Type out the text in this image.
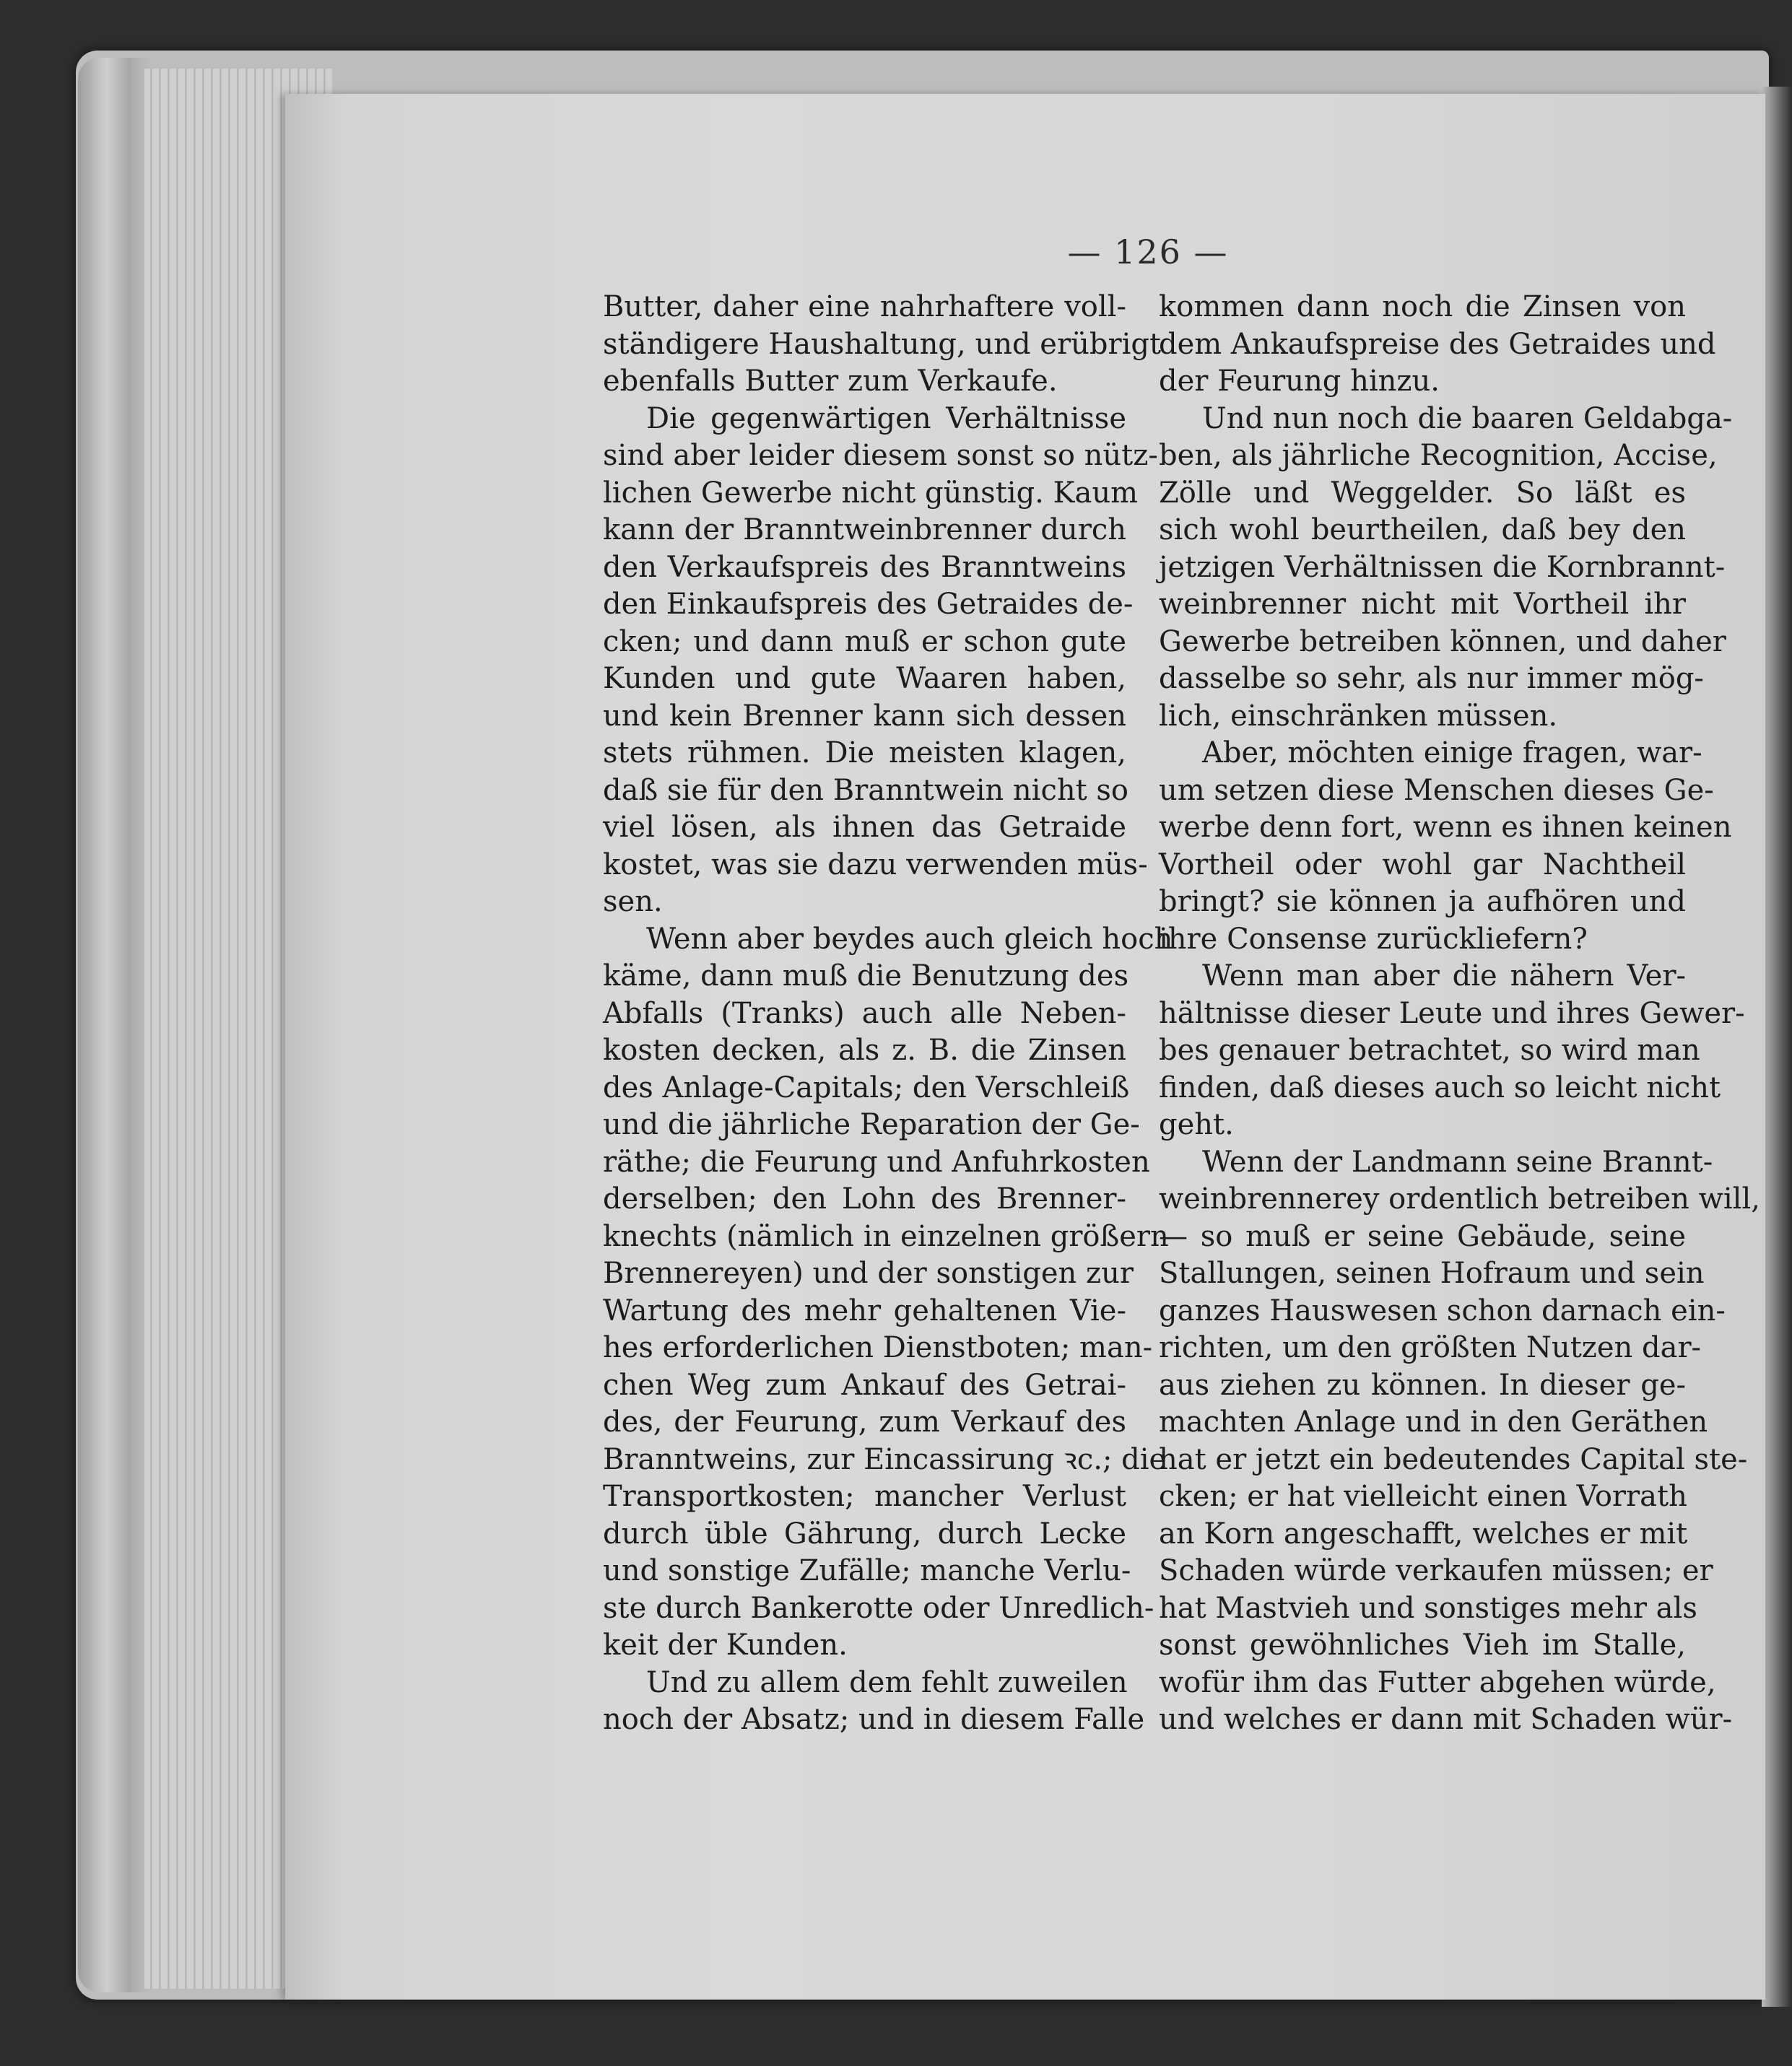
— 126 —
Butter, daher eine nahrhaftere voll-
ständigere Haushaltung, und erübrigt
ebenfalls Butter zum Verkaufe.
Die gegenwärtigen Verhältnisse
sind aber leider diesem sonst so nütz-
lichen Gewerbe nicht günstig. Kaum
kann der Branntweinbrenner durch
den Verkaufspreis des Branntweins
den Einkaufspreis des Getraides de-
cken; und dann muß er schon gute
Kunden und gute Waaren haben,
und kein Brenner kann sich dessen
stets rühmen. Die meisten klagen,
daß sie für den Branntwein nicht so
viel lösen, als ihnen das Getraide
kostet, was sie dazu verwenden müs-
sen.
Wenn aber beydes auch gleich hoch
käme, dann muß die Benutzung des
Abfalls (Tranks) auch alle Neben-
kosten decken, als z. B. die Zinsen
des Anlage-Capitals; den Verschleiß
und die jährliche Reparation der Ge-
räthe; die Feurung und Anfuhrkosten
derselben; den Lohn des Brenner-
knechts (nämlich in einzelnen größern
Brennereyen) und der sonstigen zur
Wartung des mehr gehaltenen Vie-
hes erforderlichen Dienstboten; man-
chen Weg zum Ankauf des Getrai-
des, der Feurung, zum Verkauf des
Branntweins, zur Eincassirung ꝛc.; die
Transportkosten; mancher Verlust
durch üble Gährung, durch Lecke
und sonstige Zufälle; manche Verlu-
ste durch Bankerotte oder Unredlich-
keit der Kunden.
Und zu allem dem fehlt zuweilen
noch der Absatz; und in diesem Falle
kommen dann noch die Zinsen von
dem Ankaufspreise des Getraides und
der Feurung hinzu.
Und nun noch die baaren Geldabga-
ben, als jährliche Recognition, Accise,
Zölle und Weggelder. So läßt es
sich wohl beurtheilen, daß bey den
jetzigen Verhältnissen die Kornbrannt-
weinbrenner nicht mit Vortheil ihr
Gewerbe betreiben können, und daher
dasselbe so sehr, als nur immer mög-
lich, einschränken müssen.
Aber, möchten einige fragen, war-
um setzen diese Menschen dieses Ge-
werbe denn fort, wenn es ihnen keinen
Vortheil oder wohl gar Nachtheil
bringt? sie können ja aufhören und
ihre Consense zurückliefern?
Wenn man aber die nähern Ver-
hältnisse dieser Leute und ihres Gewer-
bes genauer betrachtet, so wird man
finden, daß dieses auch so leicht nicht
geht.
Wenn der Landmann seine Brannt-
weinbrennerey ordentlich betreiben will,
— so muß er seine Gebäude, seine
Stallungen, seinen Hofraum und sein
ganzes Hauswesen schon darnach ein-
richten, um den größten Nutzen dar-
aus ziehen zu können. In dieser ge-
machten Anlage und in den Geräthen
hat er jetzt ein bedeutendes Capital ste-
cken; er hat vielleicht einen Vorrath
an Korn angeschafft, welches er mit
Schaden würde verkaufen müssen; er
hat Mastvieh und sonstiges mehr als
sonst gewöhnliches Vieh im Stalle,
wofür ihm das Futter abgehen würde,
und welches er dann mit Schaden wür-
